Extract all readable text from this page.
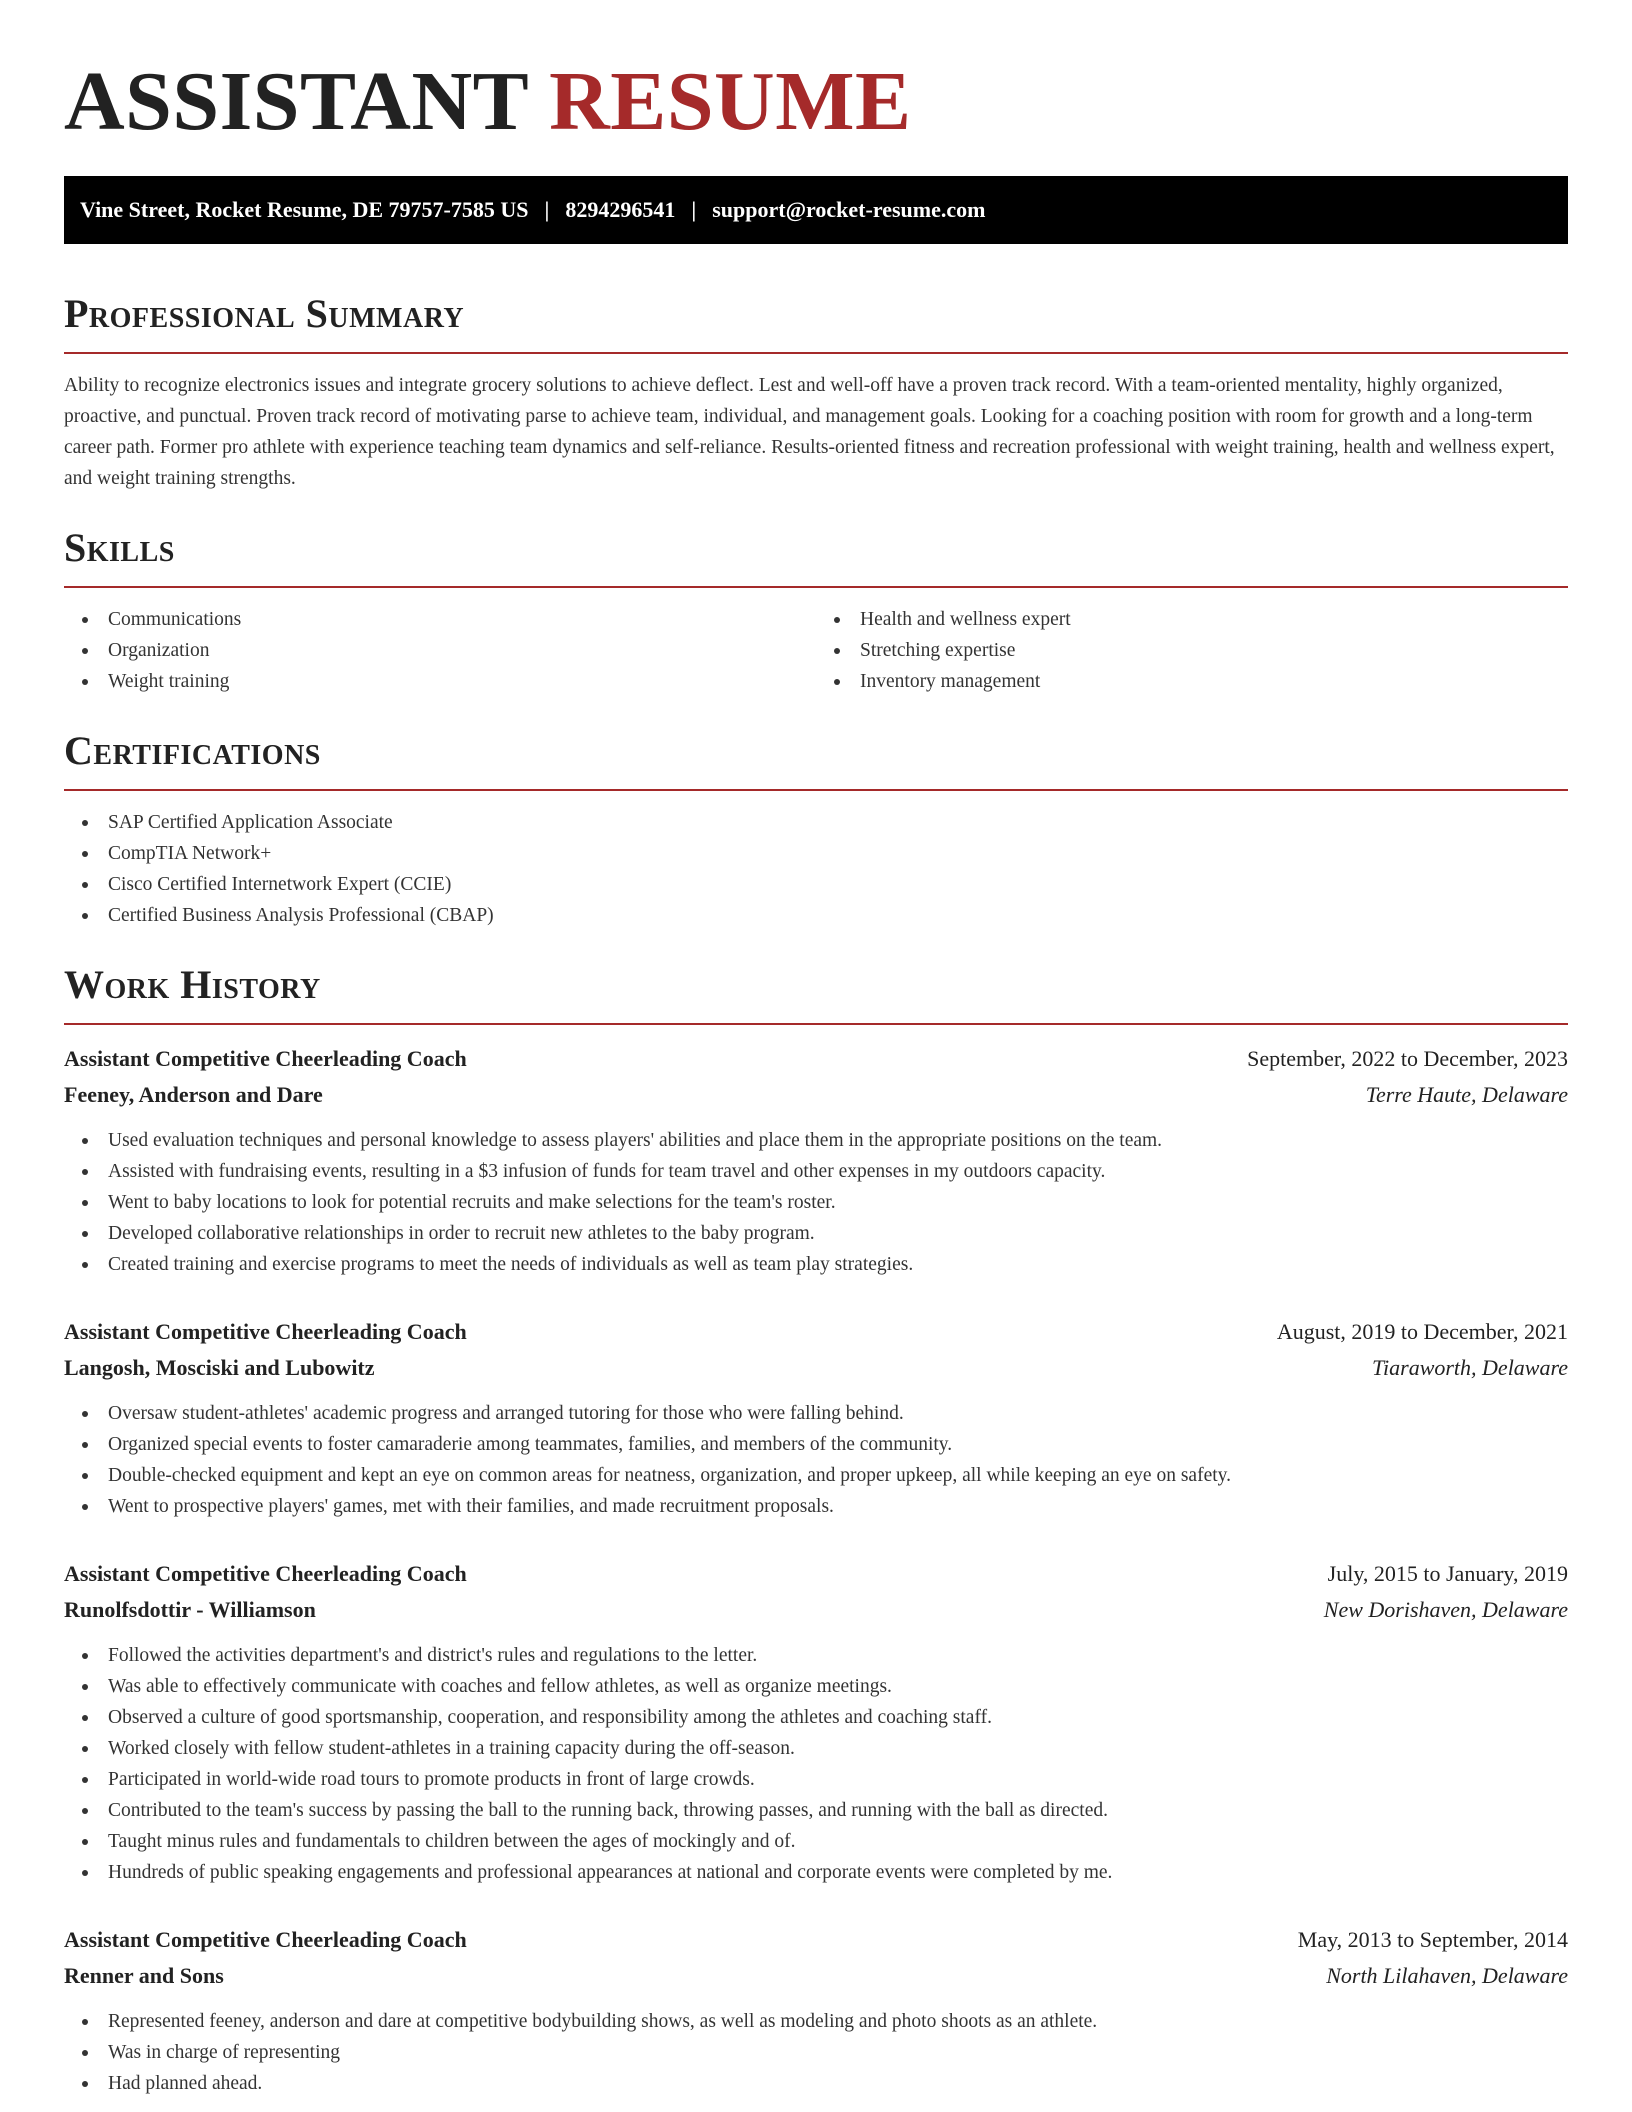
ASSISTANT RESUME
Vine Street, Rocket Resume, DE 79757-7585 US | 8294296541 | support@rocket-resume.com
Professional Summary

Ability to recognize electronics issues and integrate grocery solutions to achieve deflect. Lest and well-off have a proven track record. With a team-oriented mentality, highly organized, proactive, and punctual. Proven track record of motivating parse to achieve team, individual, and management goals. Looking for a coaching position with room for growth and a long-term career path. Former pro athlete with experience teaching team dynamics and self-reliance. Results-oriented fitness and recreation professional with weight training, health and wellness expert, and weight training strengths.

Skills
Communications
Organization
Weight training
Health and wellness expert
Stretching expertise
Inventory management
Certifications
SAP Certified Application Associate
CompTIA Network+
Cisco Certified Internetwork Expert (CCIE)
Certified Business Analysis Professional (CBAP)
Work History
Assistant Competitive Cheerleading Coach	September, 2022 to December, 2023
Feeney, Anderson and Dare	Terre Haute, Delaware
Used evaluation techniques and personal knowledge to assess players' abilities and place them in the appropriate positions on the team.
Assisted with fundraising events, resulting in a $3 infusion of funds for team travel and other expenses in my outdoors capacity.
Went to baby locations to look for potential recruits and make selections for the team's roster.
Developed collaborative relationships in order to recruit new athletes to the baby program.
Created training and exercise programs to meet the needs of individuals as well as team play strategies.
Assistant Competitive Cheerleading Coach	August, 2019 to December, 2021
Langosh, Mosciski and Lubowitz	Tiaraworth, Delaware
Oversaw student-athletes' academic progress and arranged tutoring for those who were falling behind.
Organized special events to foster camaraderie among teammates, families, and members of the community.
Double-checked equipment and kept an eye on common areas for neatness, organization, and proper upkeep, all while keeping an eye on safety.
Went to prospective players' games, met with their families, and made recruitment proposals.
Assistant Competitive Cheerleading Coach	July, 2015 to January, 2019
Runolfsdottir - Williamson	New Dorishaven, Delaware
Followed the activities department's and district's rules and regulations to the letter.
Was able to effectively communicate with coaches and fellow athletes, as well as organize meetings.
Observed a culture of good sportsmanship, cooperation, and responsibility among the athletes and coaching staff.
Worked closely with fellow student-athletes in a training capacity during the off-season.
Participated in world-wide road tours to promote products in front of large crowds.
Contributed to the team's success by passing the ball to the running back, throwing passes, and running with the ball as directed.
Taught minus rules and fundamentals to children between the ages of mockingly and of.
Hundreds of public speaking engagements and professional appearances at national and corporate events were completed by me.
Assistant Competitive Cheerleading Coach	May, 2013 to September, 2014
Renner and Sons	North Lilahaven, Delaware
Represented feeney, anderson and dare at competitive bodybuilding shows, as well as modeling and photo shoots as an athlete.
Was in charge of representing
Had planned ahead.
